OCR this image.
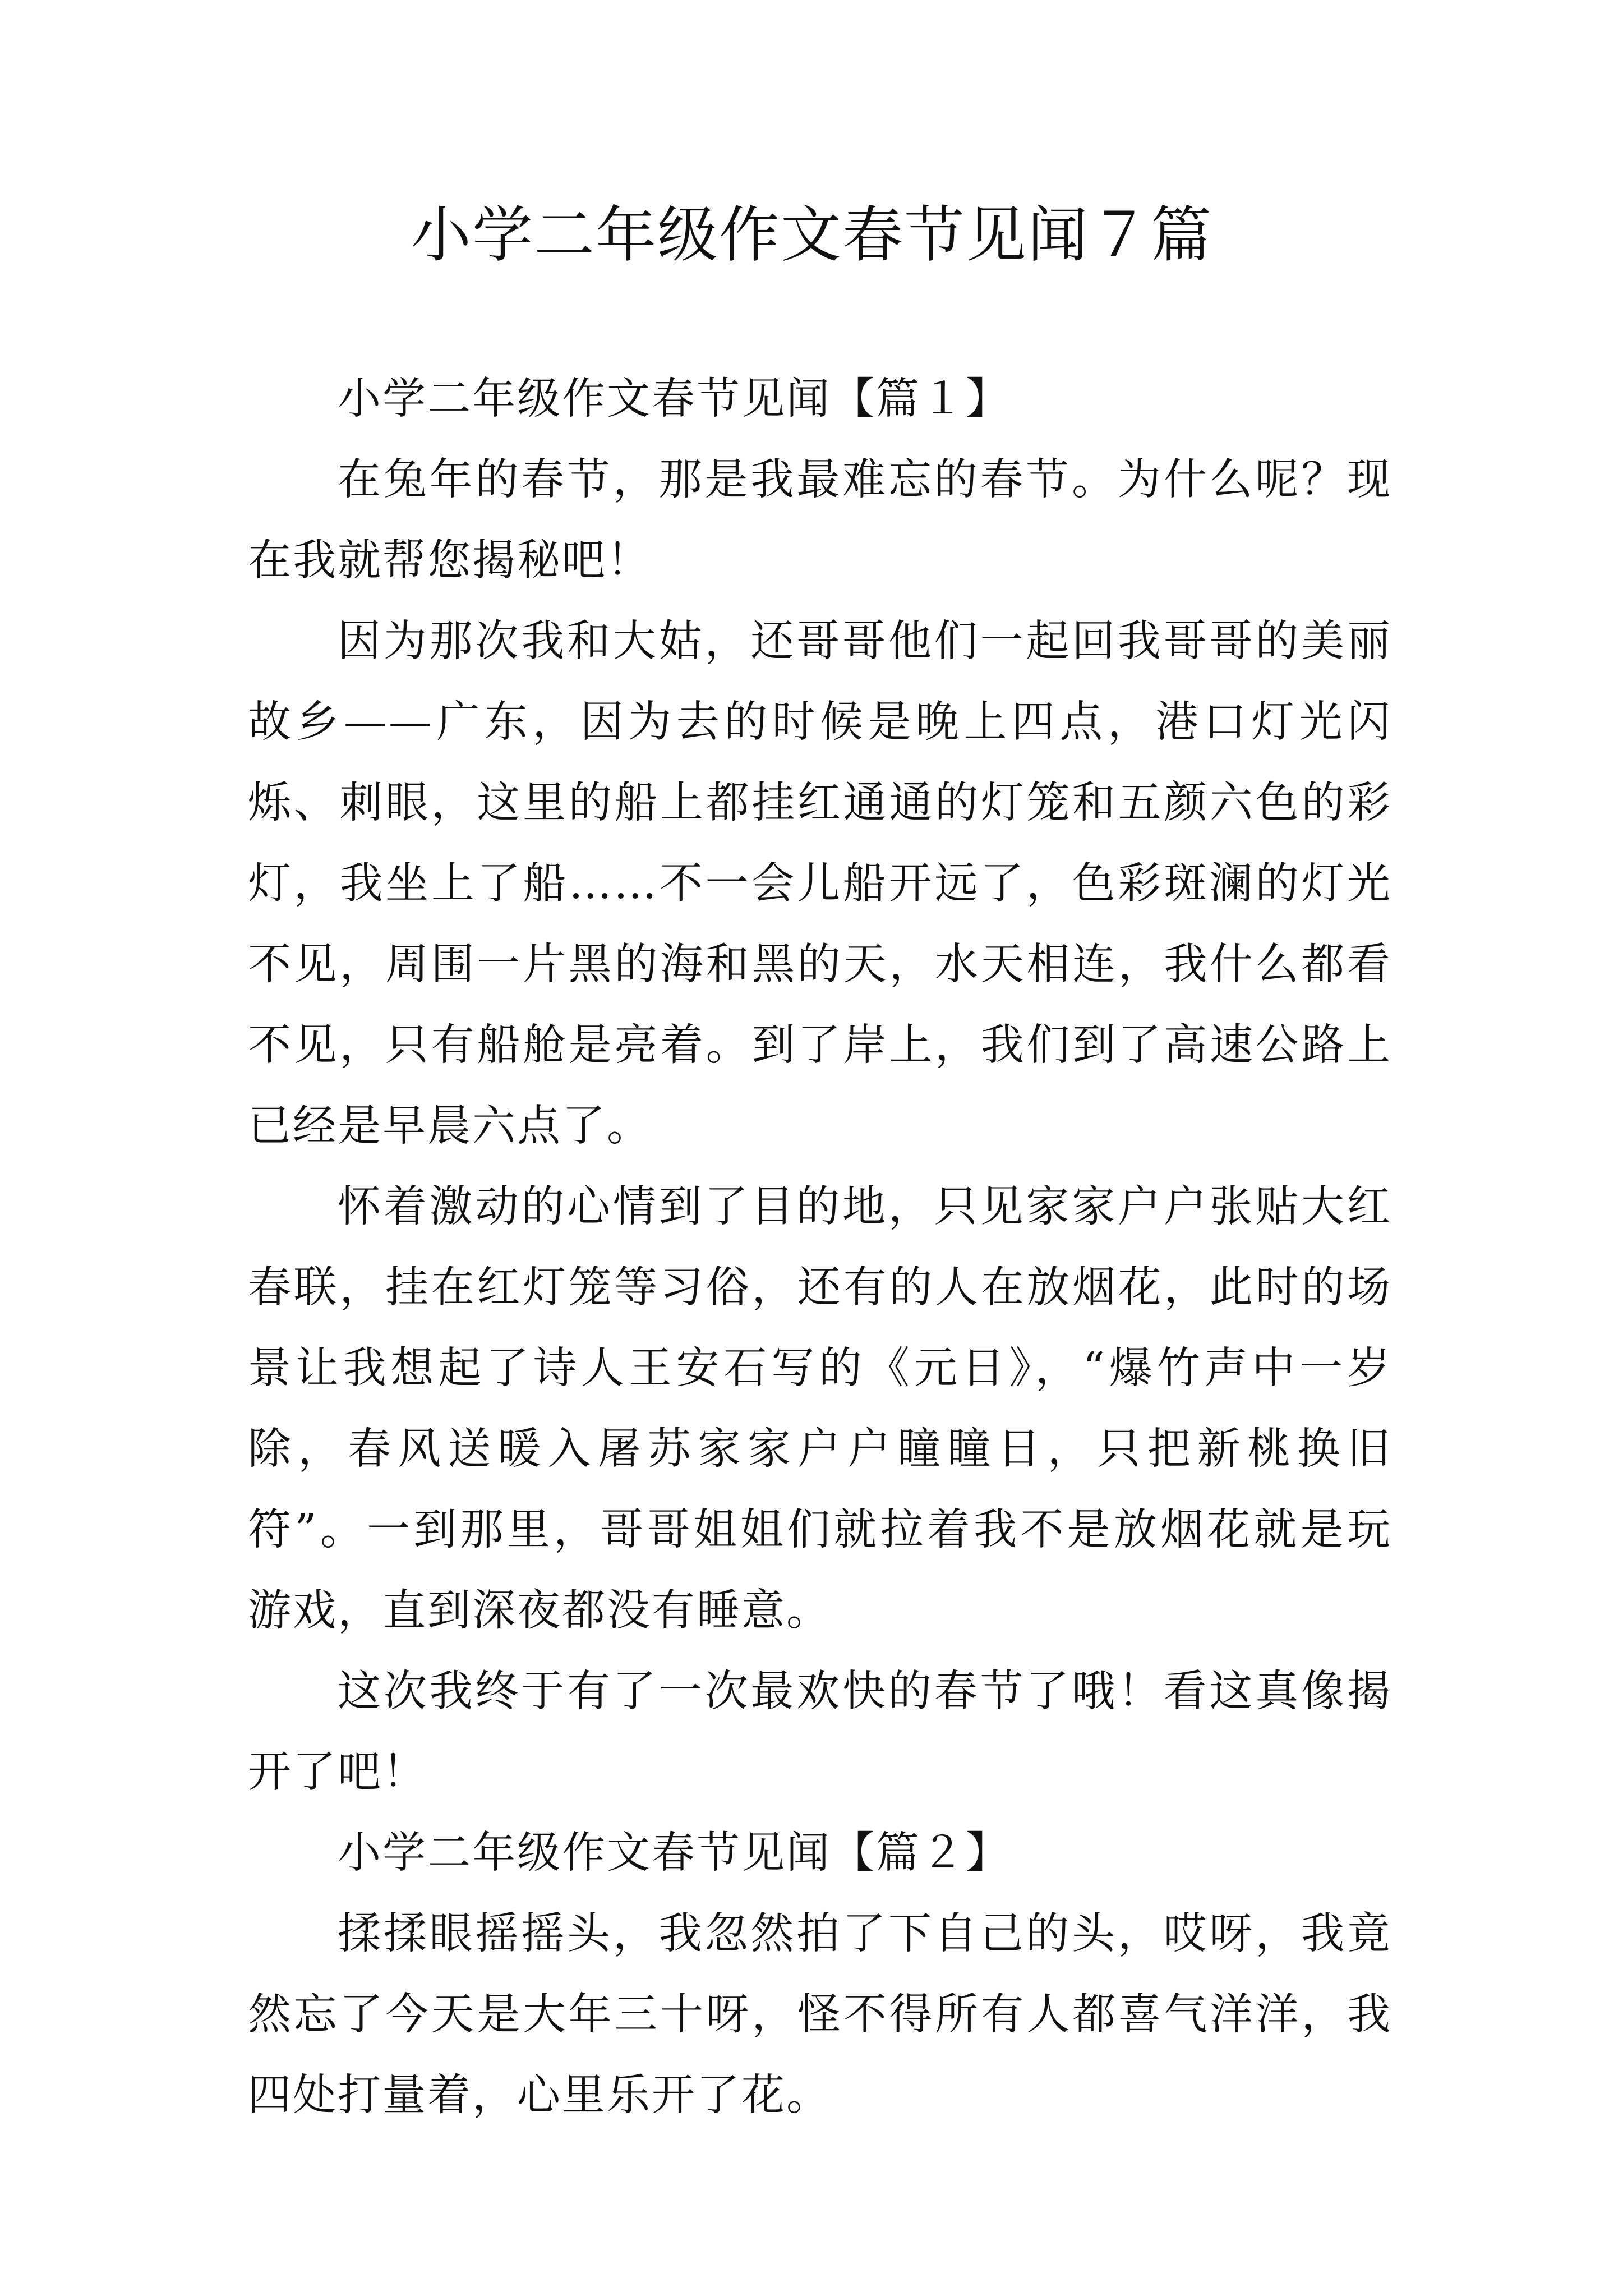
小学二年级作文春节见闻７篇

小学二年级作文春节见闻【篇１】

在兔年的春节，那是我最难忘的春节。为什么呢？现在我就帮您揭秘吧！

因为那次我和大姑，还哥哥他们一起回我哥哥的美丽故乡——广东，因为去的时候是晚上四点，港口灯光闪烁、刺眼，这里的船上都挂红通通的灯笼和五颜六色的彩灯，我坐上了船……不一会儿船开远了，色彩斑澜的灯光不见，周围一片黑的海和黑的天，水天相连，我什么都看不见，只有船舱是亮着。到了岸上，我们到了高速公路上已经是早晨六点了。

怀着激动的心情到了目的地，只见家家户户张贴大红春联，挂在红灯笼等习俗，还有的人在放烟花，此时的场景让我想起了诗人王安石写的《元日》，“爆竹声中一岁除，春风送暖入屠苏家家户户瞳瞳日，只把新桃换旧符”。一到那里，哥哥姐姐们就拉着我不是放烟花就是玩游戏，直到深夜都没有睡意。

这次我终于有了一次最欢快的春节了哦！看这真像揭开了吧！

小学二年级作文春节见闻【篇２】

揉揉眼摇摇头，我忽然拍了下自己的头，哎呀，我竟然忘了今天是大年三十呀，怪不得所有人都喜气洋洋，我四处打量着，心里乐开了花。
